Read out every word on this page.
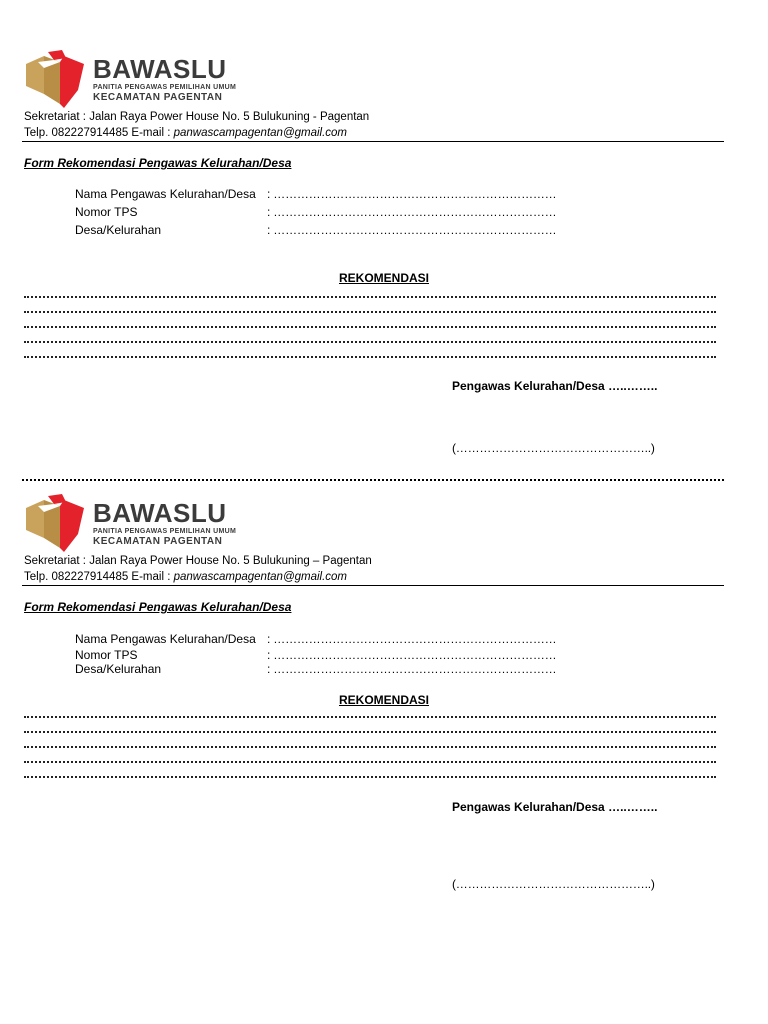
BAWASLU
PANITIA PENGAWAS PEMILIHAN UMUM
KECAMATAN PAGENTAN
Sekretariat : Jalan Raya Power House No. 5 Bulukuning - Pagentan
Telp. 082227914485 E-mail : panwascampagentan@gmail.com
Form Rekomendasi Pengawas Kelurahan/Desa
Nama Pengawas Kelurahan/Desa : ………………………………………………………………
Nomor TPS	: ………………………………………………………………
Desa/Kelurahan	: ………………………………………………………………
REKOMENDASI
Pengawas Kelurahan/Desa …..……..
(…………………………………………..)
BAWASLU
PANITIA PENGAWAS PEMILIHAN UMUM
KECAMATAN PAGENTAN
Sekretariat : Jalan Raya Power House No. 5 Bulukuning – Pagentan
Telp. 082227914485 E-mail : panwascampagentan@gmail.com
Form Rekomendasi Pengawas Kelurahan/Desa
Nama Pengawas Kelurahan/Desa : ………………………………………………………………
Nomor TPS	: ………………………………………………………………
Desa/Kelurahan	: ………………………………………………………………
REKOMENDASI
Pengawas Kelurahan/Desa …..……..
(…………………………………………..)
